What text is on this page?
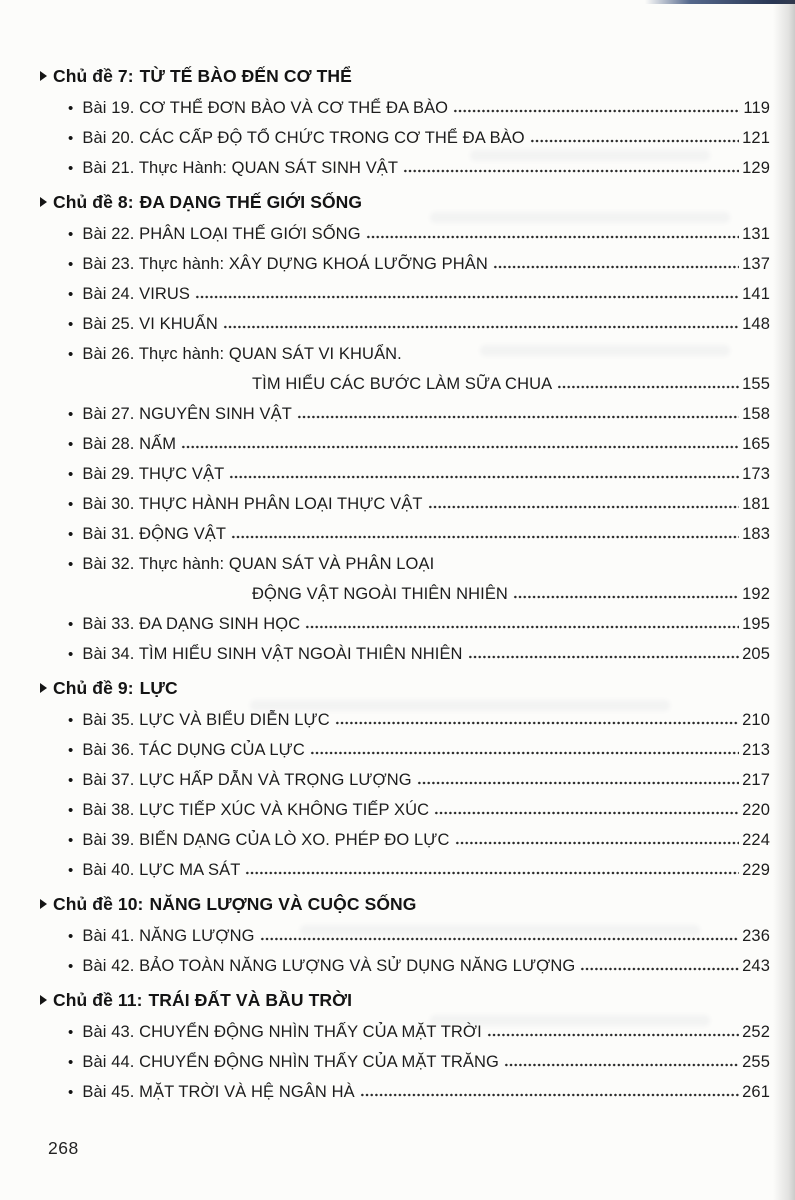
Chủ đề 7: TỪ TẾ BÀO ĐẾN CƠ THỂ
• Bài 19. CƠ THỂ ĐƠN BÀO VÀ CƠ THỂ ĐA BÀO	119
• Bài 20. CÁC CẤP ĐỘ TỔ CHỨC TRONG CƠ THỂ ĐA BÀO	121
• Bài 21. Thực Hành: QUAN SÁT SINH VẬT	129
Chủ đề 8: ĐA DẠNG THẾ GIỚI SỐNG
• Bài 22. PHÂN LOẠI THẾ GIỚI SỐNG	131
• Bài 23. Thực hành: XÂY DỰNG KHOÁ LƯỠNG PHÂN	137
• Bài 24. VIRUS	141
• Bài 25. VI KHUẨN	148
• Bài 26. Thực hành: QUAN SÁT VI KHUẨN.
TÌM HIỂU CÁC BƯỚC LÀM SỮA CHUA	155
• Bài 27. NGUYÊN SINH VẬT	158
• Bài 28. NẤM	165
• Bài 29. THỰC VẬT	173
• Bài 30. THỰC HÀNH PHÂN LOẠI THỰC VẬT	181
• Bài 31. ĐỘNG VẬT	183
• Bài 32. Thực hành: QUAN SÁT VÀ PHÂN LOẠI
ĐỘNG VẬT NGOÀI THIÊN NHIÊN	192
• Bài 33. ĐA DẠNG SINH HỌC	195
• Bài 34. TÌM HIỂU SINH VẬT NGOÀI THIÊN NHIÊN	205
Chủ đề 9: LỰC
• Bài 35. LỰC VÀ BIỂU DIỄN LỰC	210
• Bài 36. TÁC DỤNG CỦA LỰC	213
• Bài 37. LỰC HẤP DẪN VÀ TRỌNG LƯỢNG	217
• Bài 38. LỰC TIẾP XÚC VÀ KHÔNG TIẾP XÚC	220
• Bài 39. BIẾN DẠNG CỦA LÒ XO. PHÉP ĐO LỰC	224
• Bài 40. LỰC MA SÁT	229
Chủ đề 10: NĂNG LƯỢNG VÀ CUỘC SỐNG
• Bài 41. NĂNG LƯỢNG	236
• Bài 42. BẢO TOÀN NĂNG LƯỢNG VÀ SỬ DỤNG NĂNG LƯỢNG	243
Chủ đề 11: TRÁI ĐẤT VÀ BẦU TRỜI
• Bài 43. CHUYỂN ĐỘNG NHÌN THẤY CỦA MẶT TRỜI	252
• Bài 44. CHUYỂN ĐỘNG NHÌN THẤY CỦA MẶT TRĂNG	255
• Bài 45. MẶT TRỜI VÀ HỆ NGÂN HÀ	261
268
